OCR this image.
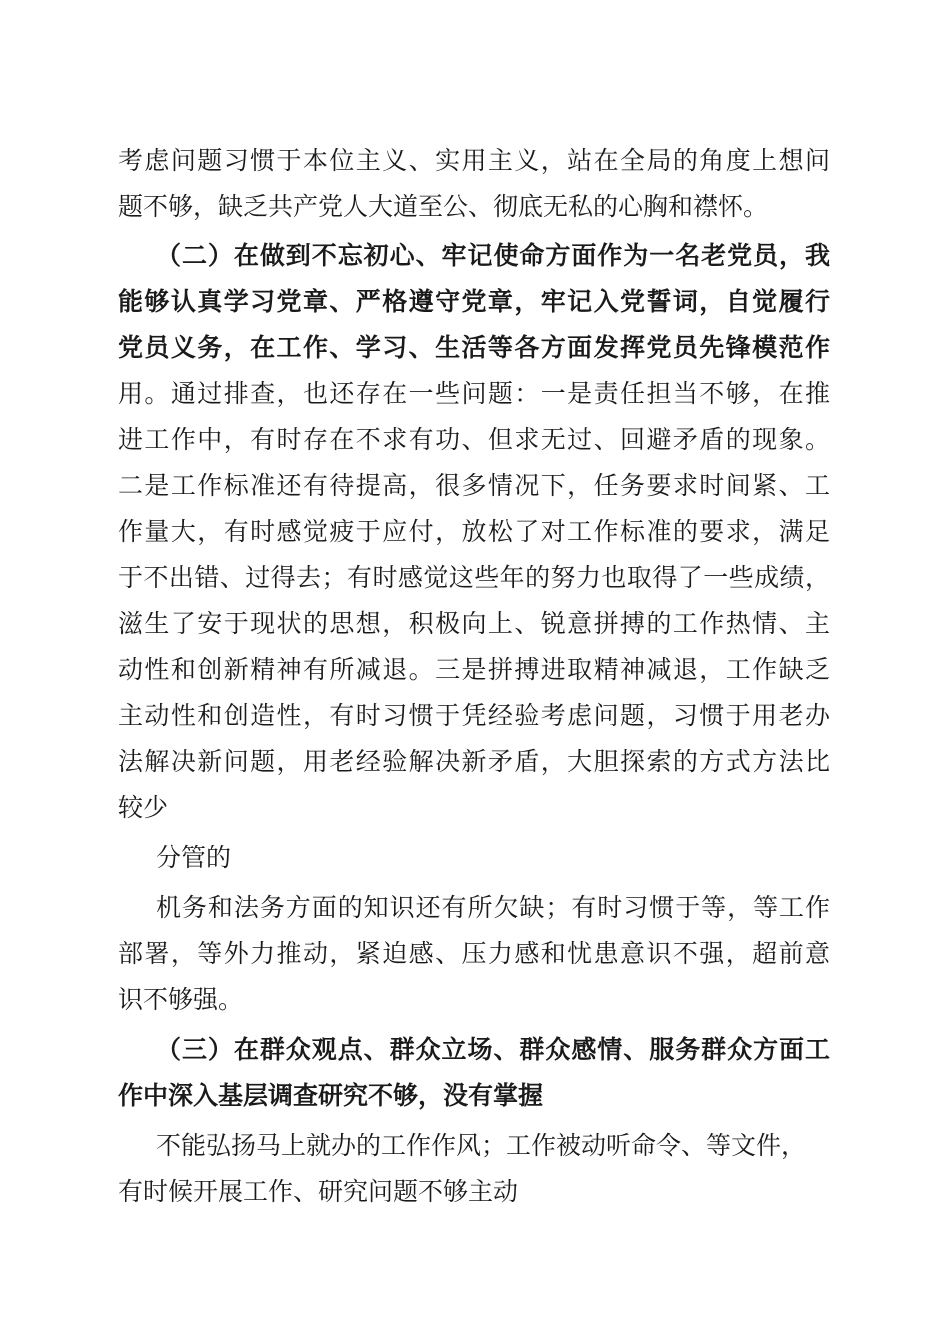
考虑问题习惯于本位主义、实用主义，站在全局的角度上想问
题不够，缺乏共产党人大道至公、彻底无私的心胸和襟怀。
（二）在做到不忘初心、牢记使命方面作为一名老党员，我
能够认真学习党章、严格遵守党章，牢记入党誓词，自觉履行
党员义务，在工作、学习、生活等各方面发挥党员先锋模范作
用。通过排查，也还存在一些问题：一是责任担当不够，在推
进工作中，有时存在不求有功、但求无过、回避矛盾的现象。
二是工作标准还有待提高，很多情况下，任务要求时间紧、工
作量大，有时感觉疲于应付，放松了对工作标准的要求，满足
于不出错、过得去；有时感觉这些年的努力也取得了一些成绩，
滋生了安于现状的思想，积极向上、锐意拼搏的工作热情、主
动性和创新精神有所减退。三是拼搏进取精神减退，工作缺乏
主动性和创造性，有时习惯于凭经验考虑问题，习惯于用老办
法解决新问题，用老经验解决新矛盾，大胆探索的方式方法比
较少
分管的
机务和法务方面的知识还有所欠缺；有时习惯于等，等工作
部署，等外力推动，紧迫感、压力感和忧患意识不强，超前意
识不够强。
（三）在群众观点、群众立场、群众感情、服务群众方面工
作中深入基层调查研究不够，没有掌握
不能弘扬马上就办的工作作风；工作被动听命令、等文件，
有时候开展工作、研究问题不够主动
